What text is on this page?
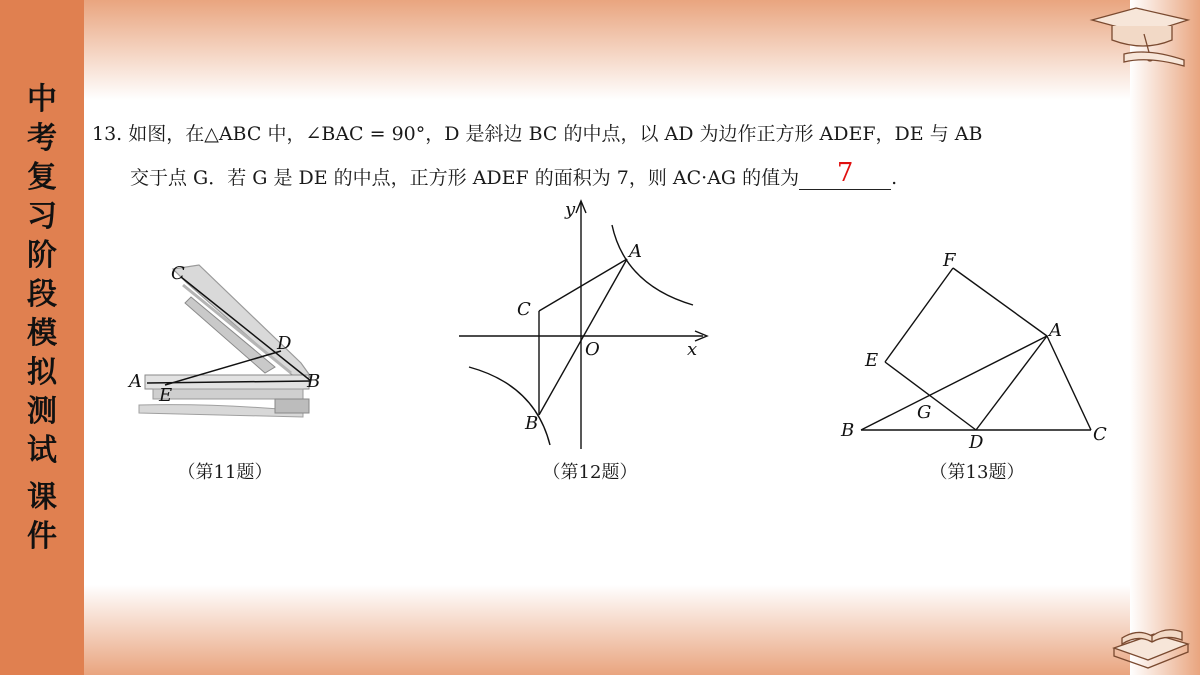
中
考
复
习
阶
段
模
拟
测
试
课
件
13. 如图，在△ABC 中，∠BAC = 90°，D 是斜边 BC 的中点，以 AD 为边作正方形 ADEF，DE 与 AB
交于点 G．若 G 是 DE 的中点，正方形 ADEF 的面积为 7，则 AC·AG 的值为 7 .
C
D
A
E
B
（第11题）
y
A
C
O	x
B
（第12题）
F
A
E
G
B
D	C
（第13题）
